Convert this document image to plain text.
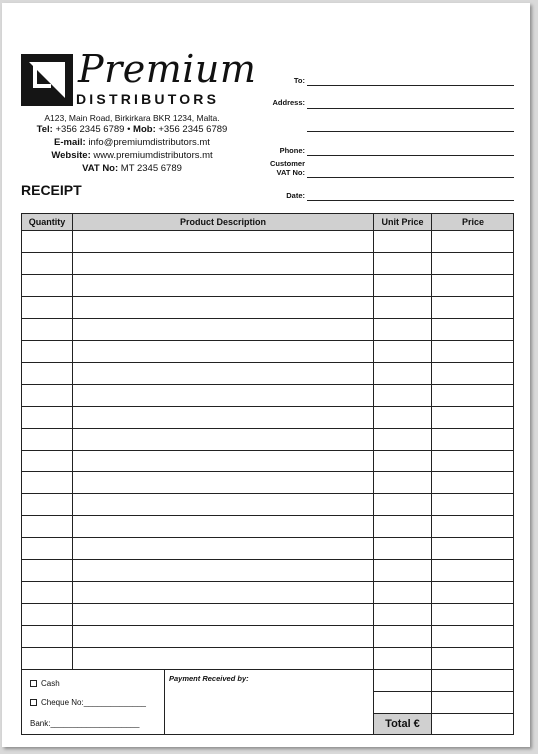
Premium
DISTRIBUTORS
A123, Main Road, Birkirkara BKR 1234, Malta.
Tel: +356 2345 6789 • Mob: +356 2345 6789
E-mail: info@premiumdistributors.mt
Website: www.premiumdistributors.mt
VAT No: MT 2345 6789
RECEIPT
To:
Address:
Phone:
Customer
VAT No:
Date:
Quantity	Product Description	Unit Price	Price
Cash
Cheque No:______________
Bank:____________________
Payment Received by:
Total €
